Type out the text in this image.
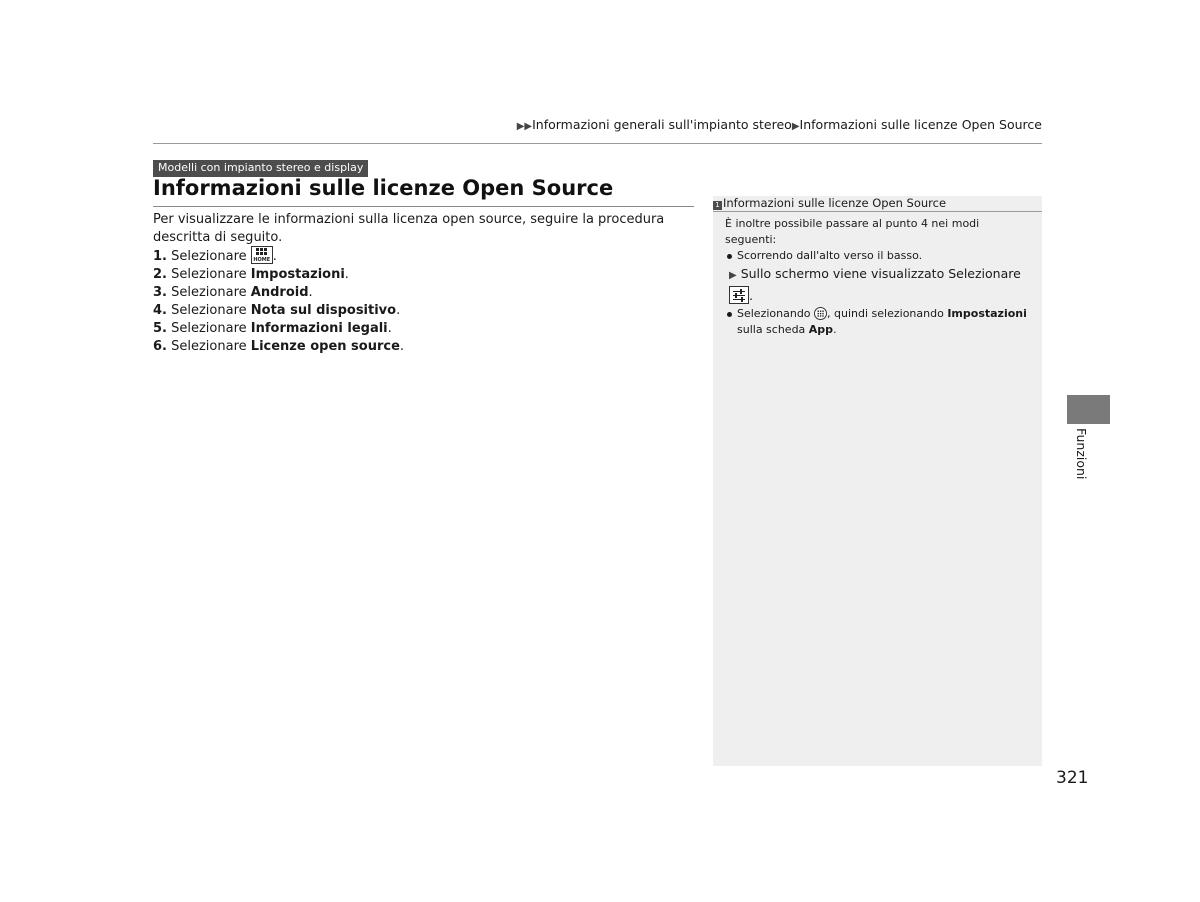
▶▶Informazioni generali sull'impianto stereo▶Informazioni sulle licenze Open Source
Modelli con impianto stereo e display
Informazioni sulle licenze Open Source

Per visualizzare le informazioni sulla licenza open source, seguire la procedura descritta di seguito.

1. Selezionare	HOME .
2. Selezionare Impostazioni.
3. Selezionare Android.
4. Selezionare Nota sul dispositivo.
5. Selezionare Informazioni legali.
6. Selezionare Licenze open source.
1 Informazioni sulle licenze Open Source

È inoltre possibile passare al punto 4 nei modi seguenti:

Scorrendo dall'alto verso il basso.

▶ Sullo schermo viene visualizzato Selezionare
.

Selezionando , quindi selezionando Impostazioni sulla scheda App.

321
Funzioni
